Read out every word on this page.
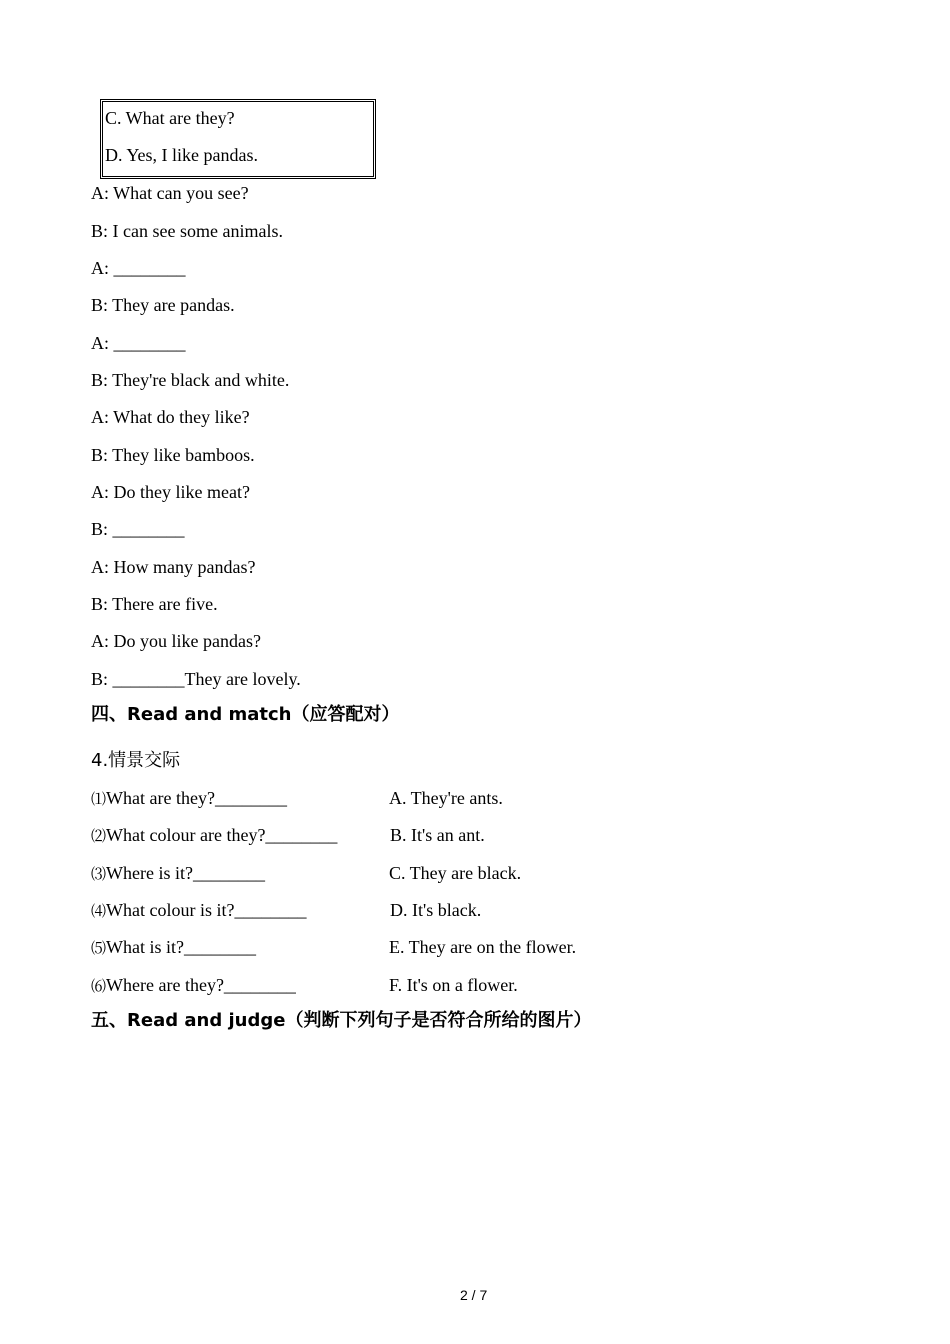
C. What are they?
D. Yes, I like pandas.
A: What can you see?
B: I can see some animals.
A: ________
B: They are pandas.
A: ________
B: They're black and white.
A: What do they like?
B: They like bamboos.
A: Do they like meat?
B: ________
A: How many pandas?
B: There are five.
A: Do you like pandas?
B: ________They are lovely.
四、Read and match（应答配对）
4.情景交际
⑴What are they?________
⑵What colour are they?________
⑶Where is it?________
⑷What colour is it?________
⑸What is it?________
⑹Where are they?________
A. They're ants.
B. It's an ant.
C. They are black.
D. It's black.
E. They are on the flower.
F. It's on a flower.
五、Read and judge（判断下列句子是否符合所给的图片）
2 / 7
